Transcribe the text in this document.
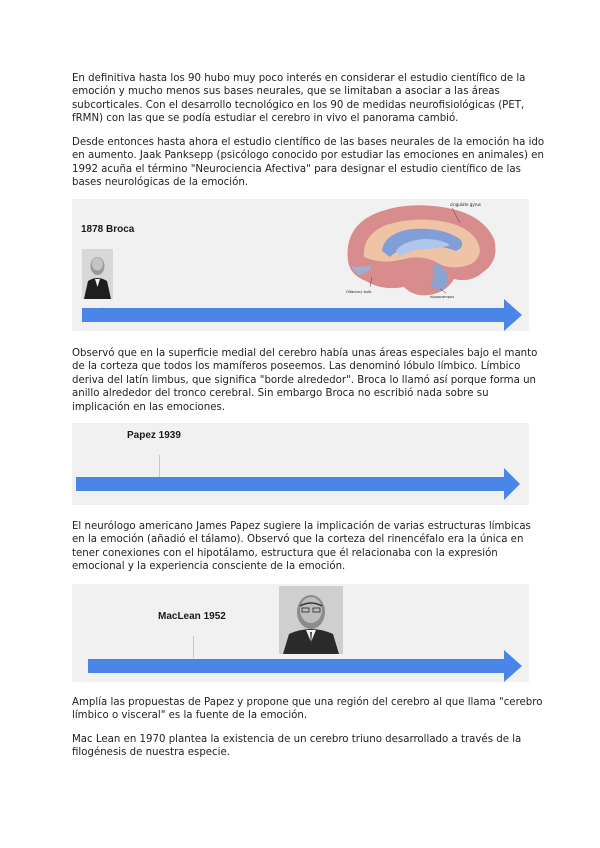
En definitiva hasta los 90 hubo muy poco interés en considerar el estudio científico de la
emoción y mucho menos sus bases neurales, que se limitaban a asociar a las áreas
subcorticales. Con el desarrollo tecnológico en los 90 de medidas neurofisiológicas (PET,
fRMN) con las que se podía estudiar el cerebro in vivo el panorama cambió.

Desde entonces hasta ahora el estudio científico de las bases neurales de la emoción ha ido
en aumento. Jaak Panksepp (psicólogo conocido por estudiar las emociones en animales) en
1992 acuña el término "Neurociencia Afectiva" para designar el estudio científico de las
bases neurológicas de la emoción.

1878 Broca
cingulate gyrus
Olfactory bulb
hippocampus

Observó que en la superficie medial del cerebro había unas áreas especiales bajo el manto
de la corteza que todos los mamíferos poseemos. Las denominó lóbulo límbico. Límbico
deriva del latín limbus, que significa "borde alrededor". Broca lo llamó así porque forma un
anillo alrededor del tronco cerebral. Sin embargo Broca no escribió nada sobre su
implicación en las emociones.

Papez 1939

El neurólogo americano James Papez sugiere la implicación de varias estructuras límbicas
en la emoción (añadió el tálamo). Observó que la corteza del rinencéfalo era la única en
tener conexiones con el hipotálamo, estructura que él relacionaba con la expresión
emocional y la experiencia consciente de la emoción.

MacLean 1952

Amplía las propuestas de Papez y propone que una región del cerebro al que llama "cerebro
límbico o visceral" es la fuente de la emoción.

Mac Lean en 1970 plantea la existencia de un cerebro triuno desarrollado a través de la
filogénesis de nuestra especie.
